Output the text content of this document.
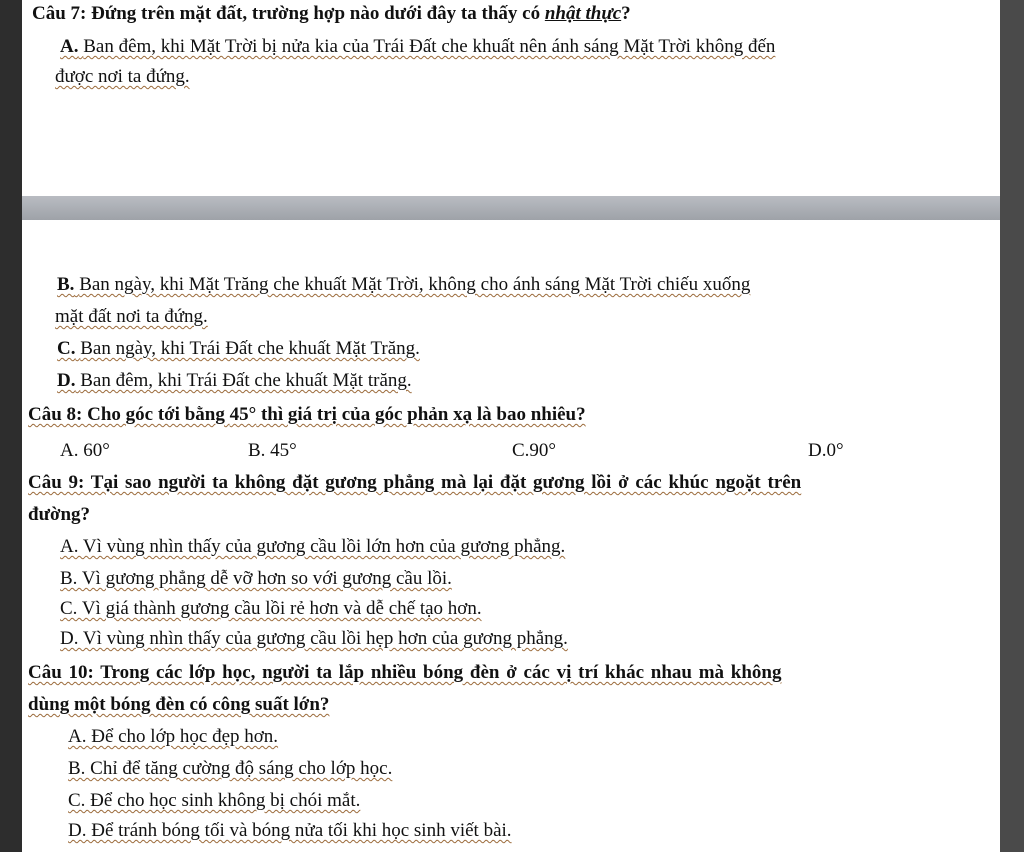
Câu 7: Đứng trên mặt đất, trường hợp nào dưới đây ta thấy có nhật thực?
A. Ban đêm, khi Mặt Trời bị nửa kia của Trái Đất che khuất nên ánh sáng Mặt Trời không đến
được nơi ta đứng.
B. Ban ngày, khi Mặt Trăng che khuất Mặt Trời, không cho ánh sáng Mặt Trời chiếu xuống
mặt đất nơi ta đứng.
C. Ban ngày, khi Trái Đất che khuất Mặt Trăng.
D. Ban đêm, khi Trái Đất che khuất Mặt trăng.
Câu 8: Cho góc tới bằng 45° thì giá trị của góc phản xạ là bao nhiêu?
A. 60°	B. 45°	C.90°	D.0°
Câu 9: Tại sao người ta không đặt gương phẳng mà lại đặt gương lồi ở các khúc ngoặt trên
đường?
A. Vì vùng nhìn thấy của gương cầu lồi lớn hơn của gương phẳng.
B. Vì gương phẳng dễ vỡ hơn so với gương cầu lồi.
C. Vì giá thành gương cầu lồi rẻ hơn và dễ chế tạo hơn.
D. Vì vùng nhìn thấy của gương cầu lồi hẹp hơn của gương phẳng.
Câu 10: Trong các lớp học, người ta lắp nhiều bóng đèn ở các vị trí khác nhau mà không
dùng một bóng đèn có công suất lớn?
A. Để cho lớp học đẹp hơn.
B. Chỉ để tăng cường độ sáng cho lớp học.
C. Để cho học sinh không bị chói mắt.
D. Để tránh bóng tối và bóng nửa tối khi học sinh viết bài.
